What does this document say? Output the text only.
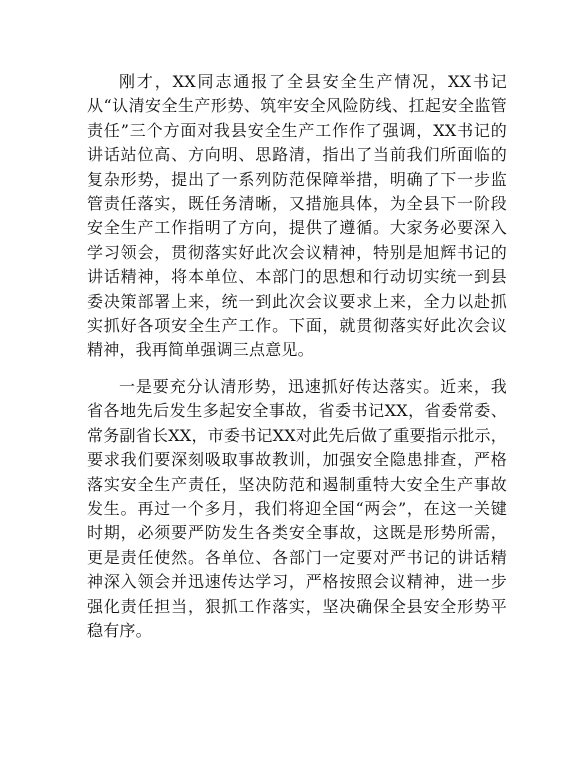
刚才，XX同志通报了全县安全生产情况，XX书记从“认清安全生产形势、筑牢安全风险防线、扛起安全监管责任”三个方面对我县安全生产工作作了强调，XX书记的讲话站位高、方向明、思路清，指出了当前我们所面临的复杂形势，提出了一系列防范保障举措，明确了下一步监管责任落实，既任务清晰，又措施具体，为全县下一阶段安全生产工作指明了方向，提供了遵循。大家务必要深入学习领会，贯彻落实好此次会议精神，特别是旭辉书记的讲话精神，将本单位、本部门的思想和行动切实统一到县委决策部署上来，统一到此次会议要求上来，全力以赴抓实抓好各项安全生产工作。下面，就贯彻落实好此次会议精神，我再简单强调三点意见。

一是要充分认清形势，迅速抓好传达落实。近来，我省各地先后发生多起安全事故，省委书记XX，省委常委、常务副省长XX，市委书记XX对此先后做了重要指示批示，要求我们要深刻吸取事故教训，加强安全隐患排查，严格落实安全生产责任，坚决防范和遏制重特大安全生产事故发生。再过一个多月，我们将迎全国“两会”，在这一关键时期，必须要严防发生各类安全事故，这既是形势所需，更是责任使然。各单位、各部门一定要对严书记的讲话精神深入领会并迅速传达学习，严格按照会议精神，进一步强化责任担当，狠抓工作落实，坚决确保全县安全形势平稳有序。
